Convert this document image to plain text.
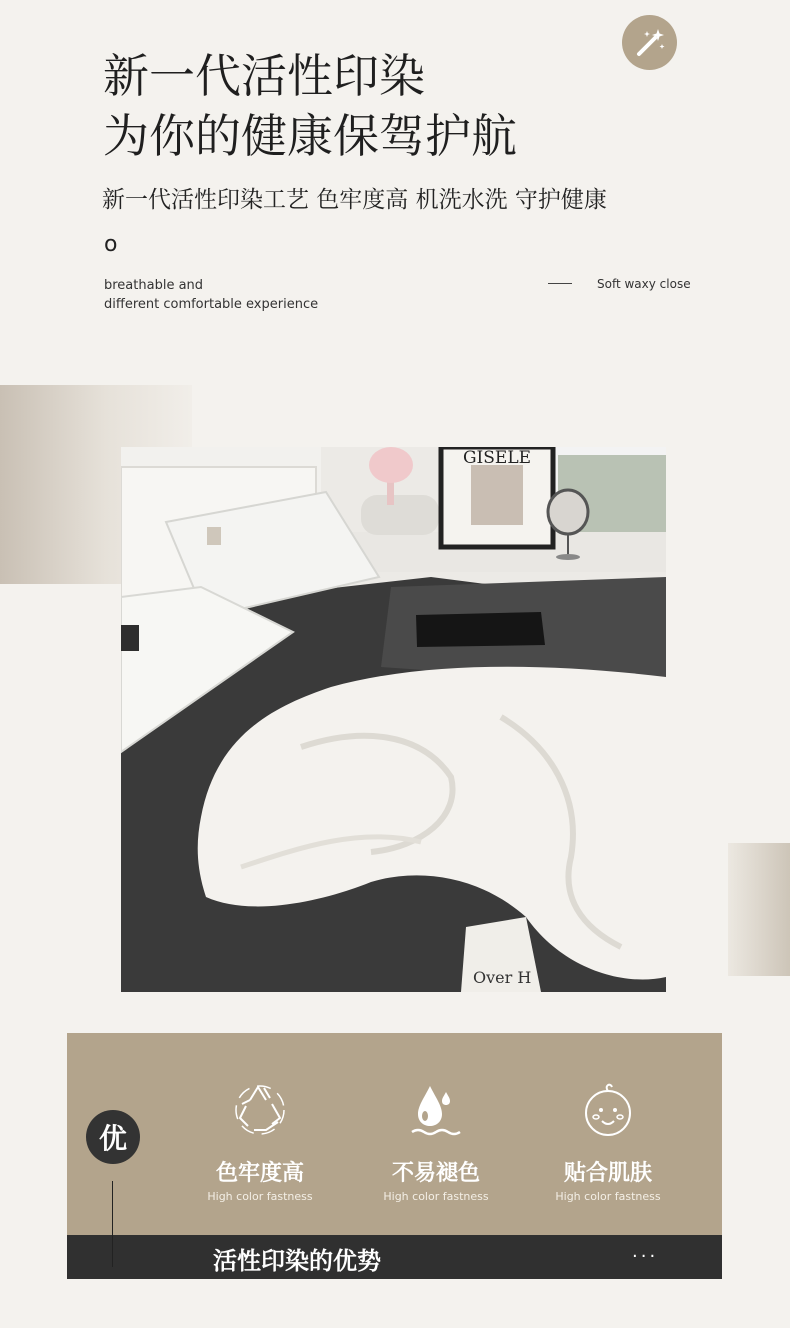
新一代活性印染
为你的健康保驾护航
新一代活性印染工艺 色牢度高 机洗水洗 守护健康
o
breathable and
different comfortable experience
Soft waxy close
GISELE
Over H
活性印染的优势	···
优
色牢度高
High color fastness
不易褪色
High color fastness
贴合肌肤
High color fastness
